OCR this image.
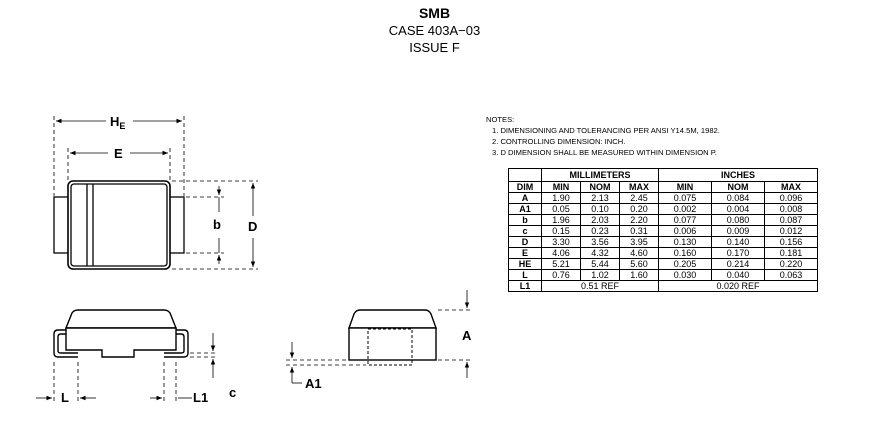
SMB
CASE 403A−03
ISSUE F
$H_E$
E
b D
A
A1
L	L1 c
NOTES:
1. DIMENSIONING AND TOLERANCING PER ANSI Y14.5M, 1982.
2. CONTROLLING DIMENSION: INCH.
3. D DIMENSION SHALL BE MEASURED WITHIN DIMENSION P.
	MILLIMETERS			INCHES		
DIM	MIN	NOM	MAX	MIN	NOM	MAX
A	1.90	2.13	2.45	0.075	0.084	0.096
A1	0.05	0.10	0.20	0.002	0.004	0.008
b	1.96	2.03	2.20	0.077	0.080	0.087
c	0.15	0.23	0.31	0.006	0.009	0.012
D	3.30	3.56	3.95	0.130	0.140	0.156
E	4.06	4.32	4.60	0.160	0.170	0.181
HE	5.21	5.44	5.60	0.205	0.214	0.220
L	0.76	1.02	1.60	0.030	0.040	0.063
L1	0.51 REF			0.020 REF		
